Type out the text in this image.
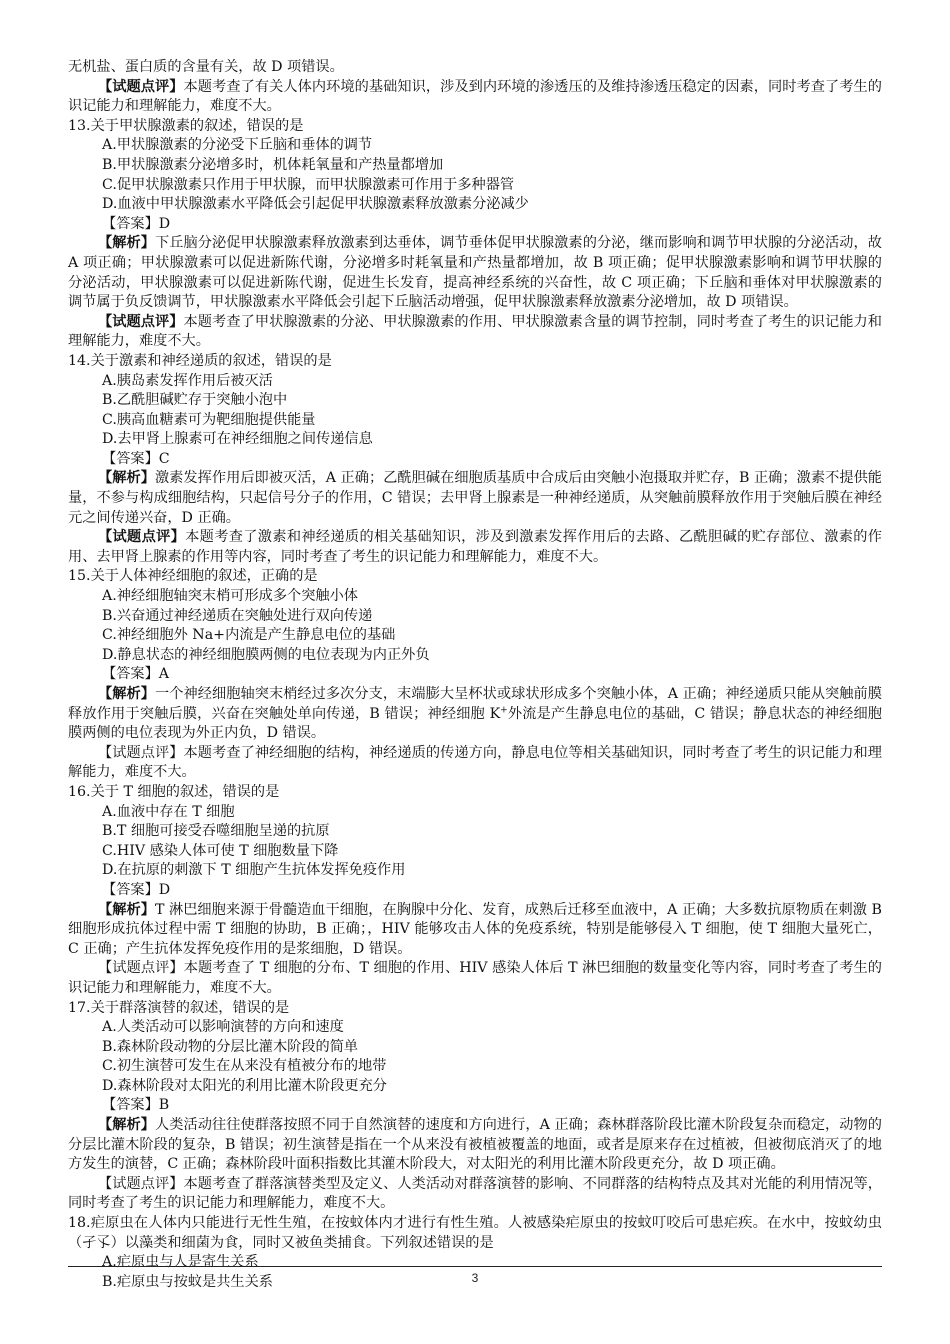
无机盐、蛋白质的含量有关，故 D 项错误。

【试题点评】本题考查了有关人体内环境的基础知识，涉及到内环境的渗透压的及维持渗透压稳定的因素，同时考查了考生的识记能力和理解能力，难度不大。

13.关于甲状腺激素的叙述，错误的是

A.甲状腺激素的分泌受下丘脑和垂体的调节

B.甲状腺激素分泌增多时，机体耗氧量和产热量都增加

C.促甲状腺激素只作用于甲状腺，而甲状腺激素可作用于多种器管

D.血液中甲状腺激素水平降低会引起促甲状腺激素释放激素分泌减少

【答案】D

【解析】下丘脑分泌促甲状腺激素释放激素到达垂体，调节垂体促甲状腺激素的分泌，继而影响和调节甲状腺的分泌活动，故 A 项正确；甲状腺激素可以促进新陈代谢，分泌增多时耗氧量和产热量都增加，故 B 项正确；促甲状腺激素影响和调节甲状腺的分泌活动，甲状腺激素可以促进新陈代谢，促进生长发育，提高神经系统的兴奋性，故 C 项正确；下丘脑和垂体对甲状腺激素的调节属于负反馈调节，甲状腺激素水平降低会引起下丘脑活动增强，促甲状腺激素释放激素分泌增加，故 D 项错误。

【试题点评】本题考查了甲状腺激素的分泌、甲状腺激素的作用、甲状腺激素含量的调节控制，同时考查了考生的识记能力和理解能力，难度不大。

14.关于激素和神经递质的叙述，错误的是

A.胰岛素发挥作用后被灭活

B.乙酰胆碱贮存于突触小泡中

C.胰高血糖素可为靶细胞提供能量

D.去甲肾上腺素可在神经细胞之间传递信息

【答案】C

【解析】激素发挥作用后即被灭活，A 正确；乙酰胆碱在细胞质基质中合成后由突触小泡摄取并贮存，B 正确；激素不提供能量，不参与构成细胞结构，只起信号分子的作用，C 错误；去甲肾上腺素是一种神经递质，从突触前膜释放作用于突触后膜在神经元之间传递兴奋，D 正确。

【试题点评】本题考查了激素和神经递质的相关基础知识，涉及到激素发挥作用后的去路、乙酰胆碱的贮存部位、激素的作用、去甲肾上腺素的作用等内容，同时考查了考生的识记能力和理解能力，难度不大。

15.关于人体神经细胞的叙述，正确的是

A.神经细胞轴突末梢可形成多个突触小体

B.兴奋通过神经递质在突触处进行双向传递

C.神经细胞外 Na+内流是产生静息电位的基础

D.静息状态的神经细胞膜两侧的电位表现为内正外负

【答案】A

【解析】一个神经细胞轴突末梢经过多次分支，末端膨大呈杯状或球状形成多个突触小体，A 正确；神经递质只能从突触前膜释放作用于突触后膜，兴奋在突触处单向传递，B 错误；神经细胞 K+外流是产生静息电位的基础，C 错误；静息状态的神经细胞膜两侧的电位表现为外正内负，D 错误。

【试题点评】本题考查了神经细胞的结构，神经递质的传递方向，静息电位等相关基础知识，同时考查了考生的识记能力和理解能力，难度不大。

16.关于 T 细胞的叙述，错误的是

A.血液中存在 T 细胞

B.T 细胞可接受吞噬细胞呈递的抗原

C.HIV 感染人体可使 T 细胞数量下降

D.在抗原的刺激下 T 细胞产生抗体发挥免疫作用

【答案】D

【解析】T 淋巴细胞来源于骨髓造血干细胞，在胸腺中分化、发育，成熟后迁移至血液中，A 正确；大多数抗原物质在刺激 B 细胞形成抗体过程中需 T 细胞的协助，B 正确；，HIV 能够攻击人体的免疫系统，特别是能够侵入 T 细胞，使 T 细胞大量死亡，C 正确；产生抗体发挥免疫作用的是浆细胞，D 错误。

【试题点评】本题考查了 T 细胞的分布、T 细胞的作用、HIV 感染人体后 T 淋巴细胞的数量变化等内容，同时考查了考生的识记能力和理解能力，难度不大。

17.关于群落演替的叙述，错误的是

A.人类活动可以影响演替的方向和速度

B.森林阶段动物的分层比灌木阶段的简单

C.初生演替可发生在从来没有植被分布的地带

D.森林阶段对太阳光的利用比灌木阶段更充分

【答案】B

【解析】人类活动往往使群落按照不同于自然演替的速度和方向进行，A 正确；森林群落阶段比灌木阶段复杂而稳定，动物的分层比灌木阶段的复杂，B 错误；初生演替是指在一个从来没有被植被覆盖的地面，或者是原来存在过植被，但被彻底消灭了的地方发生的演替，C 正确；森林阶段叶面积指数比其灌木阶段大，对太阳光的利用比灌木阶段更充分，故 D 项正确。

【试题点评】本题考查了群落演替类型及定义、人类活动对群落演替的影响、不同群落的结构特点及其对光能的利用情况等，同时考查了考生的识记能力和理解能力，难度不大。

18.疟原虫在人体内只能进行无性生殖，在按蚊体内才进行有性生殖。人被感染疟原虫的按蚊叮咬后可患疟疾。在水中，按蚊幼虫（孑孓）以藻类和细菌为食，同时又被鱼类捕食。下列叙述错误的是

A.疟原虫与人是寄生关系

B.疟原虫与按蚊是共生关系	3
